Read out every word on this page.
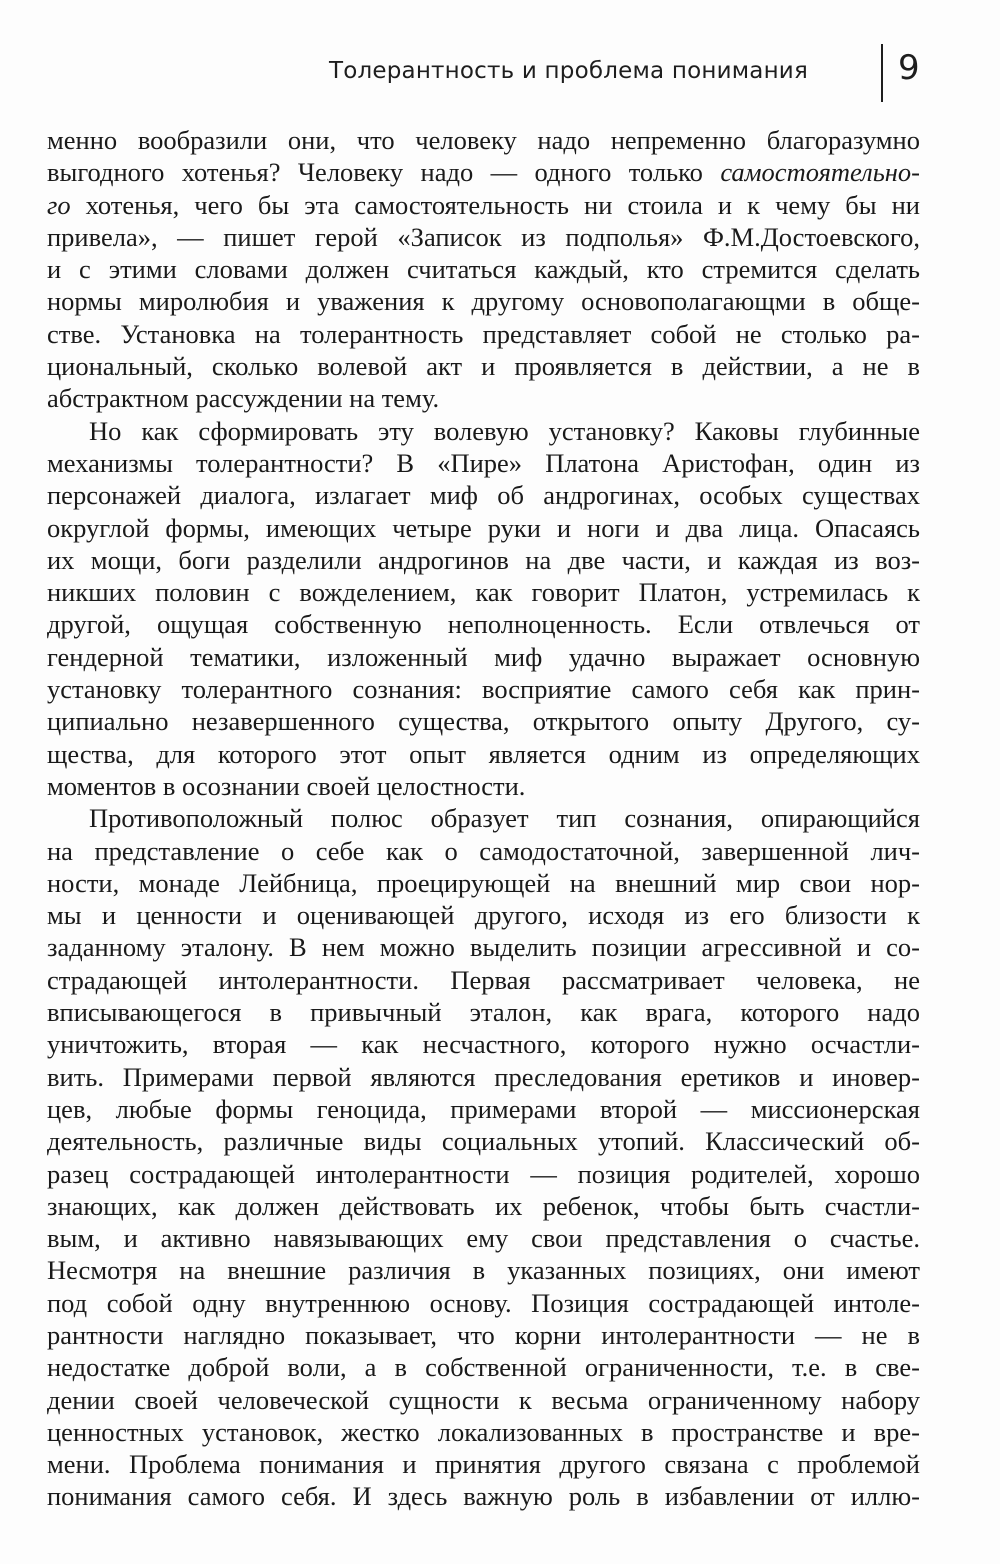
Толерантность и проблема понимания	9
менно вообразили они, что человеку надо непременно благоразумно
выгодного хотенья? Человеку надо — одного только самостоятельно-
го хотенья, чего бы эта самостоятельность ни стоила и к чему бы ни
привела», — пишет герой «Записок из подполья» Ф.М.Достоевского,
и с этими словами должен считаться каждый, кто стремится сделать
нормы миролюбия и уважения к другому основополагающми в обще-
стве. Установка на толерантность представляет собой не столько ра-
циональный, сколько волевой акт и проявляется в действии, а не в
абстрактном рассуждении на тему.
Но как сформировать эту волевую установку? Каковы глубинные
механизмы толерантности? В «Пире» Платона Аристофан, один из
персонажей диалога, излагает миф об андрогинах, особых существах
округлой формы, имеющих четыре руки и ноги и два лица. Опасаясь
их мощи, боги разделили андрогинов на две части, и каждая из воз-
никших половин с вожделением, как говорит Платон, устремилась к
другой, ощущая собственную неполноценность. Если отвлечься от
гендерной тематики, изложенный миф удачно выражает основную
установку толерантного сознания: восприятие самого себя как прин-
ципиально незавершенного существа, открытого опыту Другого, су-
щества, для которого этот опыт является одним из определяющих
моментов в осознании своей целостности.
Противоположный полюс образует тип сознания, опирающийся
на представление о себе как о самодостаточной, завершенной лич-
ности, монаде Лейбница, проецирующей на внешний мир свои нор-
мы и ценности и оценивающей другого, исходя из его близости к
заданному эталону. В нем можно выделить позиции агрессивной и со-
страдающей интолерантности. Первая рассматривает человека, не
вписывающегося в привычный эталон, как врага, которого надо
уничтожить, вторая — как несчастного, которого нужно осчастли-
вить. Примерами первой являются преследования еретиков и иновер-
цев, любые формы геноцида, примерами второй — миссионерская
деятельность, различные виды социальных утопий. Классический об-
разец сострадающей интолерантности — позиция родителей, хорошо
знающих, как должен действовать их ребенок, чтобы быть счастли-
вым, и активно навязывающих ему свои представления о счастье.
Несмотря на внешние различия в указанных позициях, они имеют
под собой одну внутреннюю основу. Позиция сострадающей интоле-
рантности наглядно показывает, что корни интолерантности — не в
недостатке доброй воли, а в собственной ограниченности, т.е. в све-
дении своей человеческой сущности к весьма ограниченному набору
ценностных установок, жестко локализованных в пространстве и вре-
мени. Проблема понимания и принятия другого связана с проблемой
понимания самого себя. И здесь важную роль в избавлении от иллю-
